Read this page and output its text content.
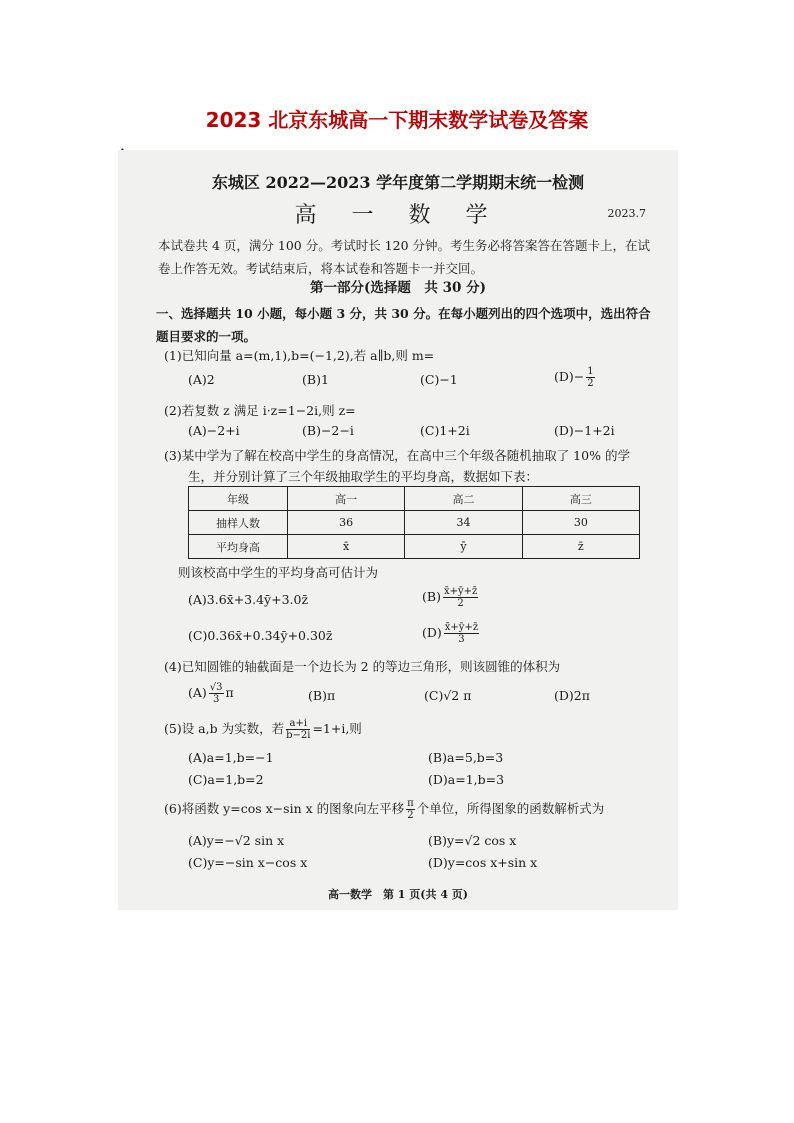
2023 北京东城高一下期末数学试卷及答案
东城区 2022—2023 学年度第二学期期末统一检测
高 一 数 学	2023.7
本试卷共 4 页，满分 100 分。考试时长 120 分钟。考生务必将答案答在答题卡上，在试卷上作答无效。考试结束后，将本试卷和答题卡一并交回。
第一部分(选择题　共 30 分)
一、选择题共 10 小题，每小题 3 分，共 30 分。在每小题列出的四个选项中，选出符合题目要求的一项。
(1)已知向量 a=(m,1),b=(−1,2),若 a∥b,则 m=
(A)2	(B)1	(C)−1	$(D)- \frac{1}{2}$
(2)若复数 z 满足 i·z=1−2i,则 z=
(A)−2+i	(B)−2−i	(C)1+2i	(D)−1+2i
(3)某中学为了解在校高中学生的身高情况，在高中三个年级各随机抽取了 10% 的学
生，并分别计算了三个年级抽取学生的平均身高，数据如下表：
年级	高一	高二	高三
抽样人数	36	34	30
平均身高	x̄	ȳ	z̄
则该校高中学生的平均身高可估计为
(A)3.6x̄+3.4ȳ+3.0z̄	$(B) \frac{x̄+ȳ+z̄}{2}$
(C)0.36x̄+0.34ȳ+0.30z̄	$(D) \frac{x̄+ȳ+z̄}{3}$
(4)已知圆锥的轴截面是一个边长为 2 的等边三角形，则该圆锥的体积为
$(A) \frac{√3}{3}$ π	(B)π	(C)√2 π	(D)2π
(5)设 a,b 为实数，若 $\frac{a+i}{b-2i} =1+i$,则
(A)a=1,b=−1	(B)a=5,b=3
(C)a=1,b=2	(D)a=1,b=3
(6)将函数 y=cos x−sin x 的图象向左平移 $\frac{\pi}{2}$ 个单位，所得图象的函数解析式为
(A)y=−√2 sin x	(B)y=√2 cos x
(C)y=−sin x−cos x	(D)y=cos x+sin x
高一数学　第 1 页(共 4 页)
